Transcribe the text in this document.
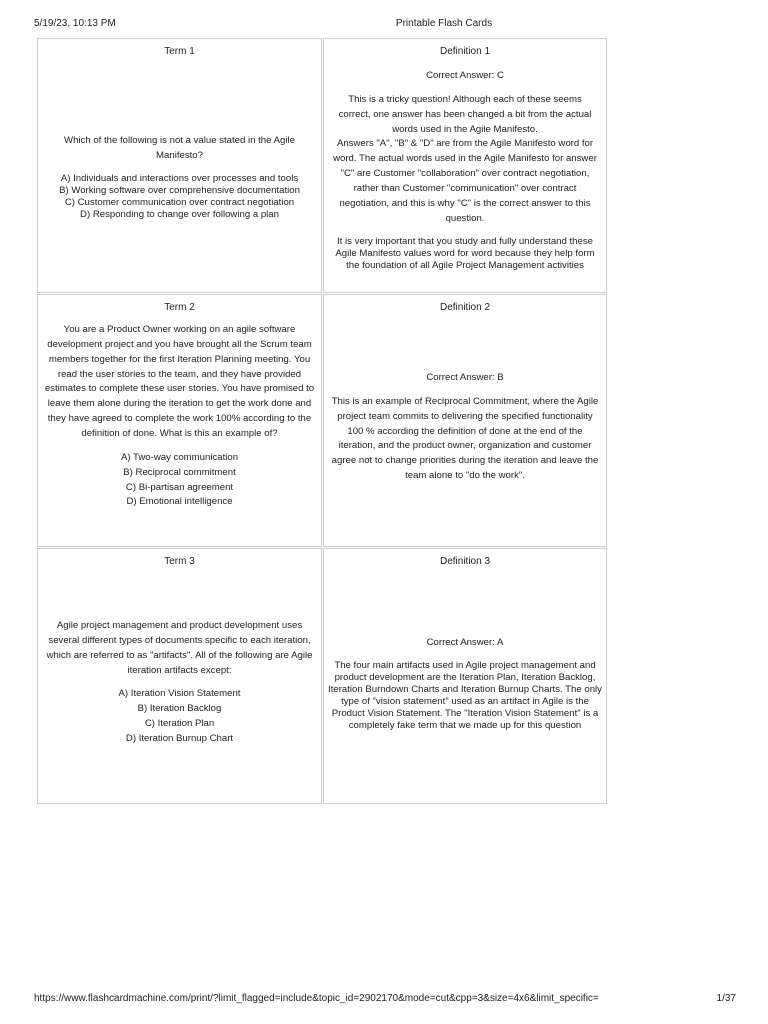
5/19/23, 10:13 PM	Printable Flash Cards
Term 1

Which of the following is not a value stated in the Agile Manifesto?

A) Individuals and interactions over processes and tools

B) Working software over comprehensive documentation

C) Customer communication over contract negotiation

D) Responding to change over following a plan

Definition 1

Correct Answer: C

This is a tricky question! Although each of these seems correct, one answer has been changed a bit from the actual words used in the Agile Manifesto.

Answers "A", "B" & "D" are from the Agile Manifesto word for word. The actual words used in the Agile Manifesto for answer "C" are Customer "collaboration" over contract negotiation, rather than Customer "communication" over contract negotiation, and this is why "C" is the correct answer to this question.

It is very important that you study and fully understand these Agile Manifesto values word for word because they help form the foundation of all Agile Project Management activities

Term 2

You are a Product Owner working on an agile software development project and you have brought all the Scrum team members together for the first Iteration Planning meeting. You read the user stories to the team, and they have provided estimates to complete these user stories. You have promised to leave them alone during the iteration to get the work done and they have agreed to complete the work 100% according to the definition of done. What is this an example of?

A) Two-way communication

B) Reciprocal commitment

C) Bi-partisan agreement

D) Emotional intelligence

Definition 2

Correct Answer: B

This is an example of Reciprocal Commitment, where the Agile project team commits to delivering the specified functionality 100 % according the definition of done at the end of the iteration, and the product owner, organization and customer agree not to change priorities during the iteration and leave the team alone to "do the work".

Term 3

Agile project management and product development uses several different types of documents specific to each iteration, which are referred to as "artifacts". All of the following are Agile iteration artifacts except:

A) Iteration Vision Statement

B) Iteration Backlog

C) Iteration Plan

D) Iteration Burnup Chart

Definition 3

Correct Answer: A

The four main artifacts used in Agile project management and product development are the Iteration Plan, Iteration Backlog, Iteration Burndown Charts and Iteration Burnup Charts. The only type of "vision statement" used as an artifact in Agile is the Product Vision Statement. The "Iteration Vision Statement" is a completely fake term that we made up for this question

https://www.flashcardmachine.com/print/?limit_flagged=include&topic_id=2902170&mode=cut&cpp=3&size=4x6&limit_specific=	1/37
